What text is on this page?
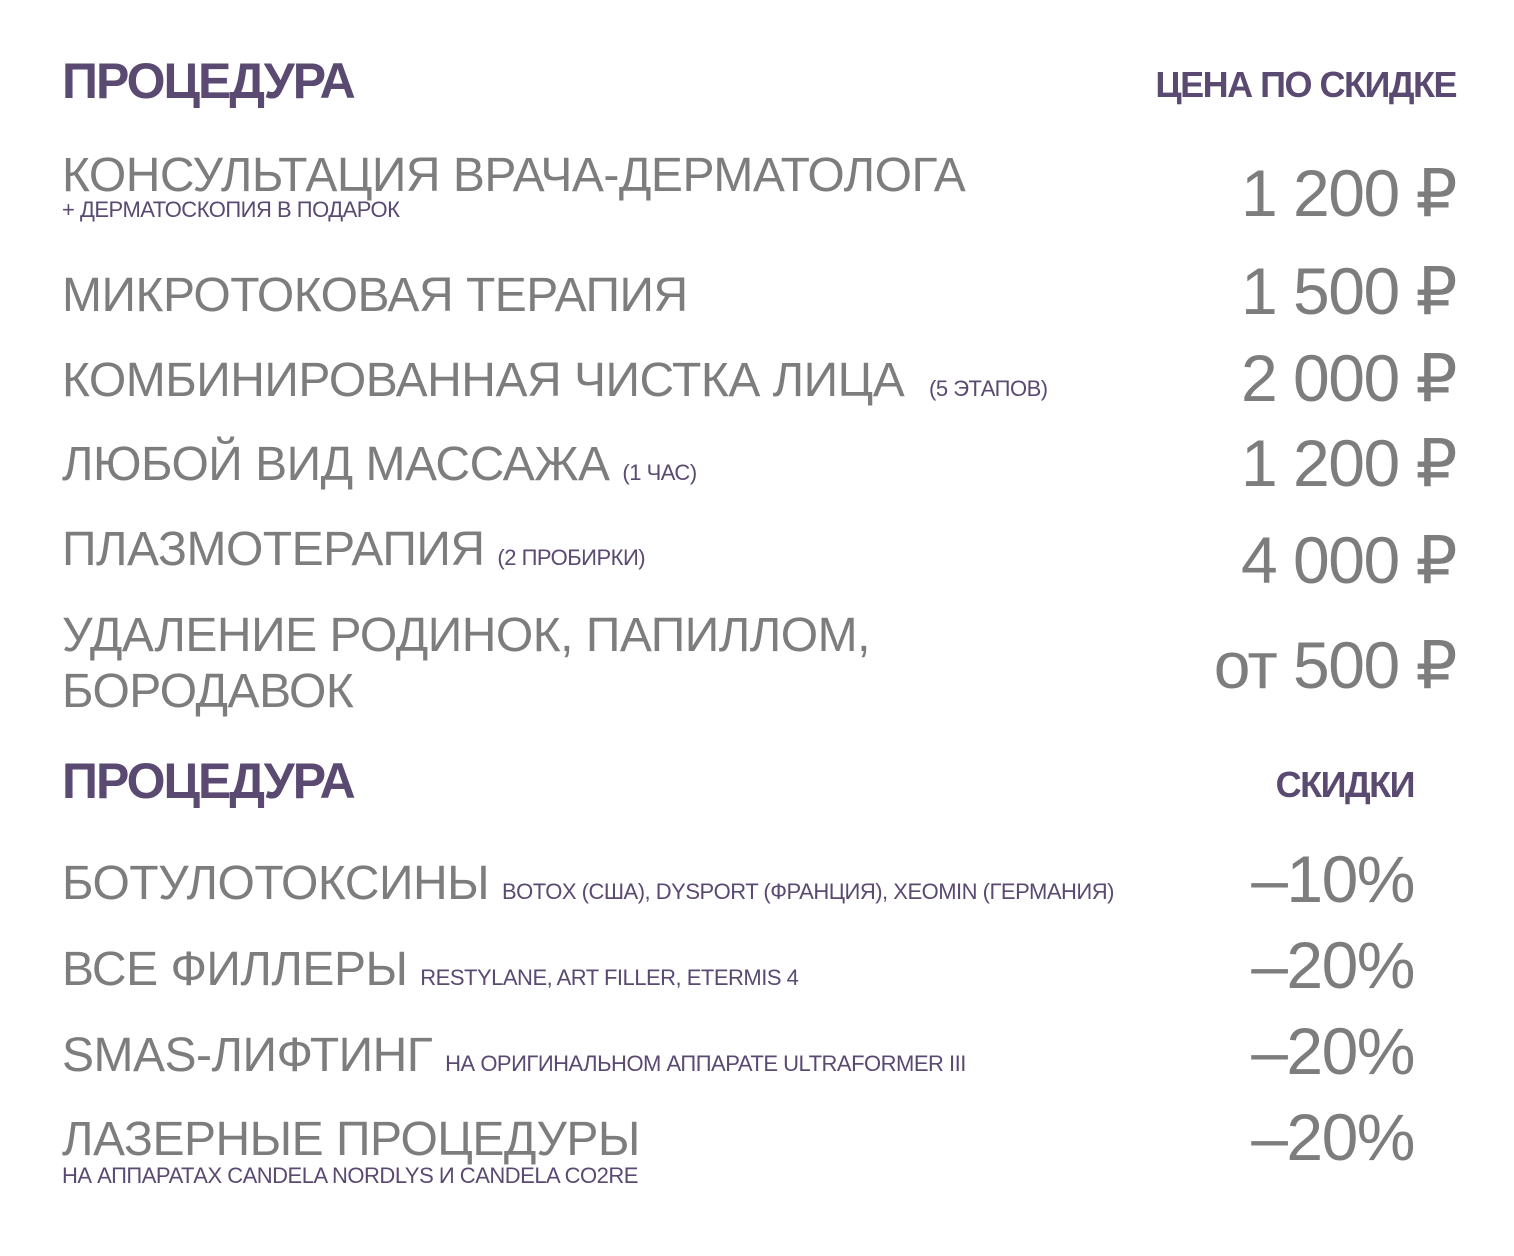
ПРОЦЕДУРА	ЦЕНА ПО СКИДКЕ
КОНСУЛЬТАЦИЯ ВРАЧА-ДЕРМАТОЛОГА
+ ДЕРМАТОСКОПИЯ В ПОДАРОК	1 200 ₽
МИКРОТОКОВАЯ ТЕРАПИЯ	1 500 ₽
КОМБИНИРОВАННАЯ ЧИСТКА ЛИЦА (5 ЭТАПОВ)	2 000 ₽
ЛЮБОЙ ВИД МАССАЖА (1 ЧАС)	1 200 ₽
ПЛАЗМОТЕРАПИЯ (2 ПРОБИРКИ)	4 000 ₽
УДАЛЕНИЕ РОДИНОК, ПАПИЛЛОМ,
БОРОДАВОК	от 500 ₽
ПРОЦЕДУРА	СКИДКИ
БОТУЛОТОКСИНЫ BOTOX (США), DYSPORT (ФРАНЦИЯ), XEOMIN (ГЕРМАНИЯ) –10%
ВСЕ ФИЛЛЕРЫ RESTYLANE, ART FILLER, ETERMIS 4	–20%
SMAS-ЛИФТИНГ НА ОРИГИНАЛЬНОМ АППАРАТЕ ULTRAFORMER III	–20%
ЛАЗЕРНЫЕ ПРОЦЕДУРЫ
НА АППАРАТАХ CANDELA NORDLYS И CANDELA CO2RE
–20%
